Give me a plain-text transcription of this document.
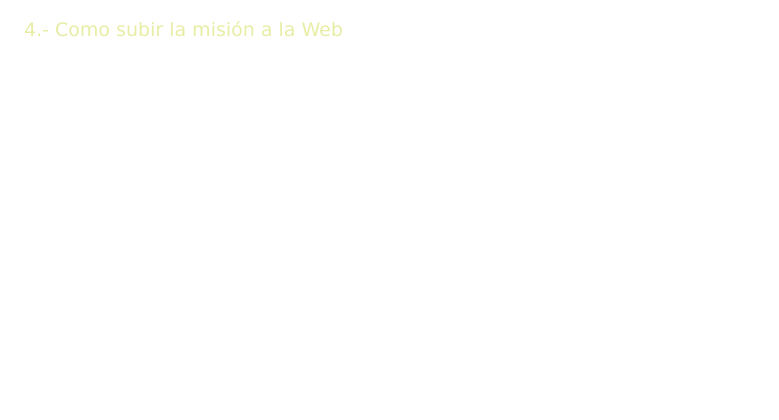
4.- Como subir la misión a la Web
